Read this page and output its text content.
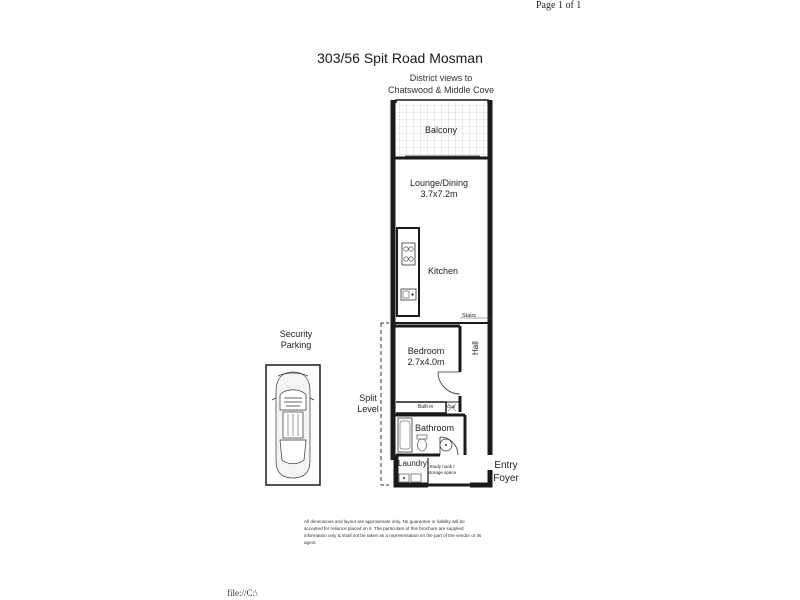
Page 1 of 1
303/56 Spit Road Mosman
District views to
Chatswood & Middle Cove
Balcony
Lounge/Dining
3.7x7.2m
Kitchen
Stairs
Bedroom
2.7x4.0m
Hall
Built-in	Cup
Bathroom
Laundry Study nook /
storage space
Security
Parking
Split
Level
Entry
Foyer
All dimensions and layout are approximate only. No guarantee or liability will be accepted for reliance placed on it. The particulars of this brochure are supplied information only & shall not be taken as a representation on the part of the vendor or its agent.
file://C:\
